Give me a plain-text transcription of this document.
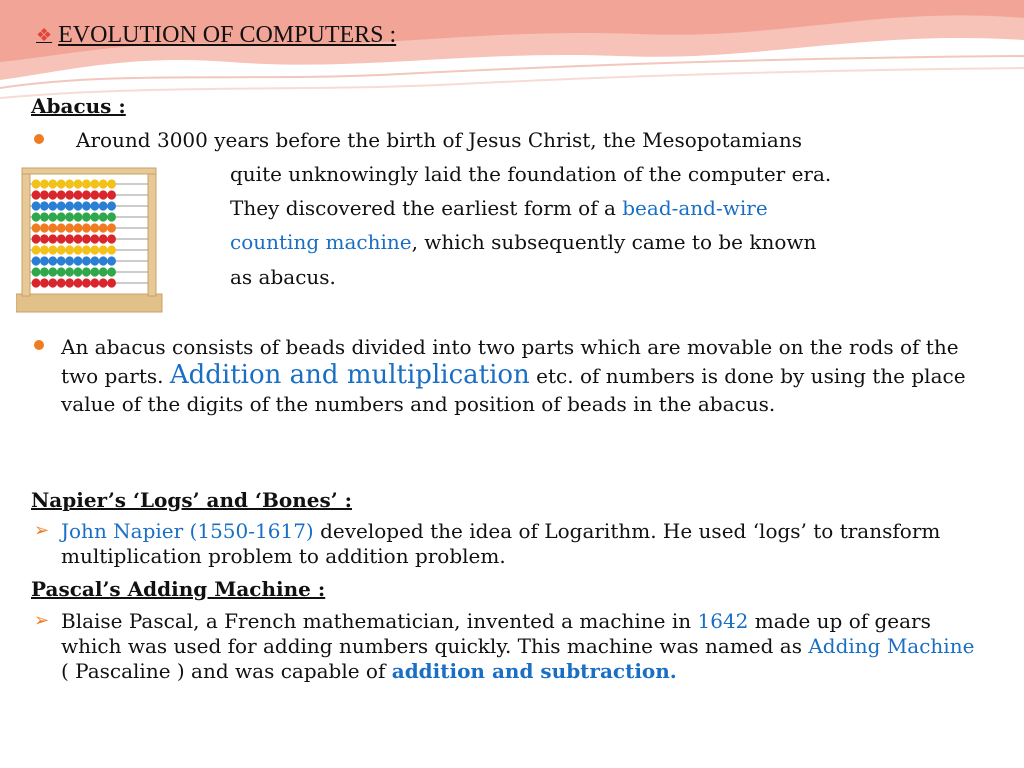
❖ EVOLUTION OF COMPUTERS :
Abacus :
Around 3000 years before the birth of Jesus Christ, the Mesopotamians
quite unknowingly laid the foundation of the computer era.
They discovered the earliest form of a bead-and-wire
counting machine, which subsequently came to be known
as abacus.
An abacus consists of beads divided into two parts which are movable on the rods of the two parts. Addition and multiplication etc. of numbers is done by using the place value of the digits of the numbers and position of beads in the abacus.
Napier’s ‘Logs’ and ‘Bones’ :
➢ John Napier (1550-1617) developed the idea of Logarithm. He used ‘logs’ to transform multiplication problem to addition problem.
Pascal’s Adding Machine :
➢ Blaise Pascal, a French mathematician, invented a machine in 1642 made up of gears which was used for adding numbers quickly. This machine was named as Adding Machine ( Pascaline ) and was capable of addition and subtraction.
